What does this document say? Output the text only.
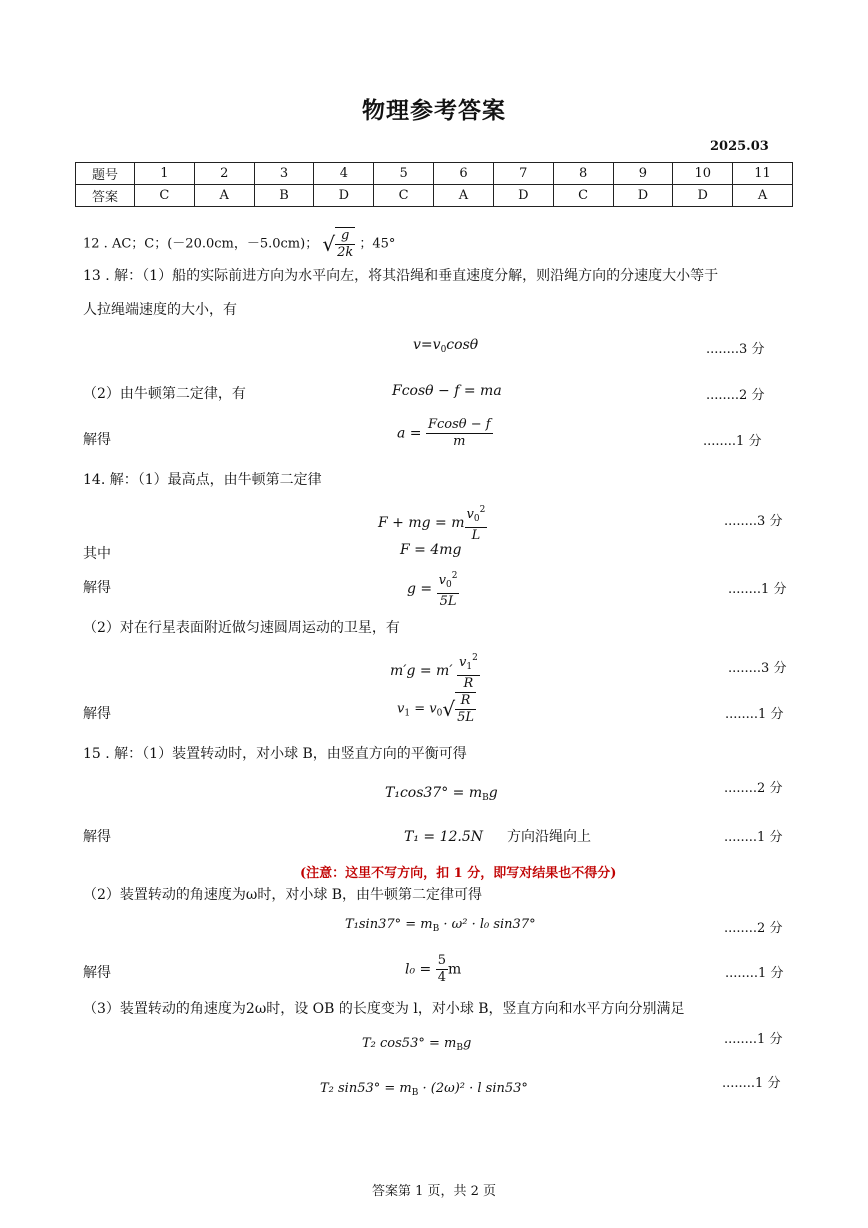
物理参考答案
2025.03
题号	1	2	3	4	5	6	7	8	9	10	11
答案	C	A	B	D	C	A	D	C	D	D	A
12 . AC；C；(－20.0cm，－5.0cm)； √ $\frac{g}{2k}$ ；45°
13 . 解：（1）船的实际前进方向为水平向左，将其沿绳和垂直速度分解，则沿绳方向的分速度大小等于
人拉绳端速度的大小，有
$v=v_0\cos\theta$	........3 分
（2）由牛顿第二定律，有	Fcosθ − f = ma	........2 分
解得	$a = \frac{Fcos\theta - f}{m}$	........1 分
14. 解：（1）最高点，由牛顿第二定律
F + mg = m $\frac{v_0^2}{L}$	........3 分
其中	F = 4mg
解得	$g = \frac{v_0^2}{5L}$	........1 分
（2）对在行星表面附近做匀速圆周运动的卫星，有
$m'g = m' \frac{v_1^2}{R}$	........3 分
解得	$v_1 = v_0√ \frac{R}{5L}$	........1 分
15 . 解：（1）装置转动时，对小球 B，由竖直方向的平衡可得
$T_1\cos 37^\circ = m_Bg$	........2 分
解得	T₁ = 12.5N 方向沿绳向上	........1 分
(注意：这里不写方向，扣 1 分，即写对结果也不得分)
（2）装置转动的角速度为ω时，对小球 B，由牛顿第二定律可得
$T_1\sin 37^\circ = m_B \cdot \omega^2 \cdot l_0$ sin37°	........2 分
解得	$l_0 = \frac{5}{4}$ m	........1 分
（3）装置转动的角速度为2ω时，设 OB 的长度变为 l，对小球 B，竖直方向和水平方向分别满足
T₂ $\cos 53^\circ = m_Bg$	........1 分
T₂ $\sin 53^\circ = m_B \cdot (2\omega)^2 \cdot l$ sin53°	........1 分
答案第 1 页，共 2 页
